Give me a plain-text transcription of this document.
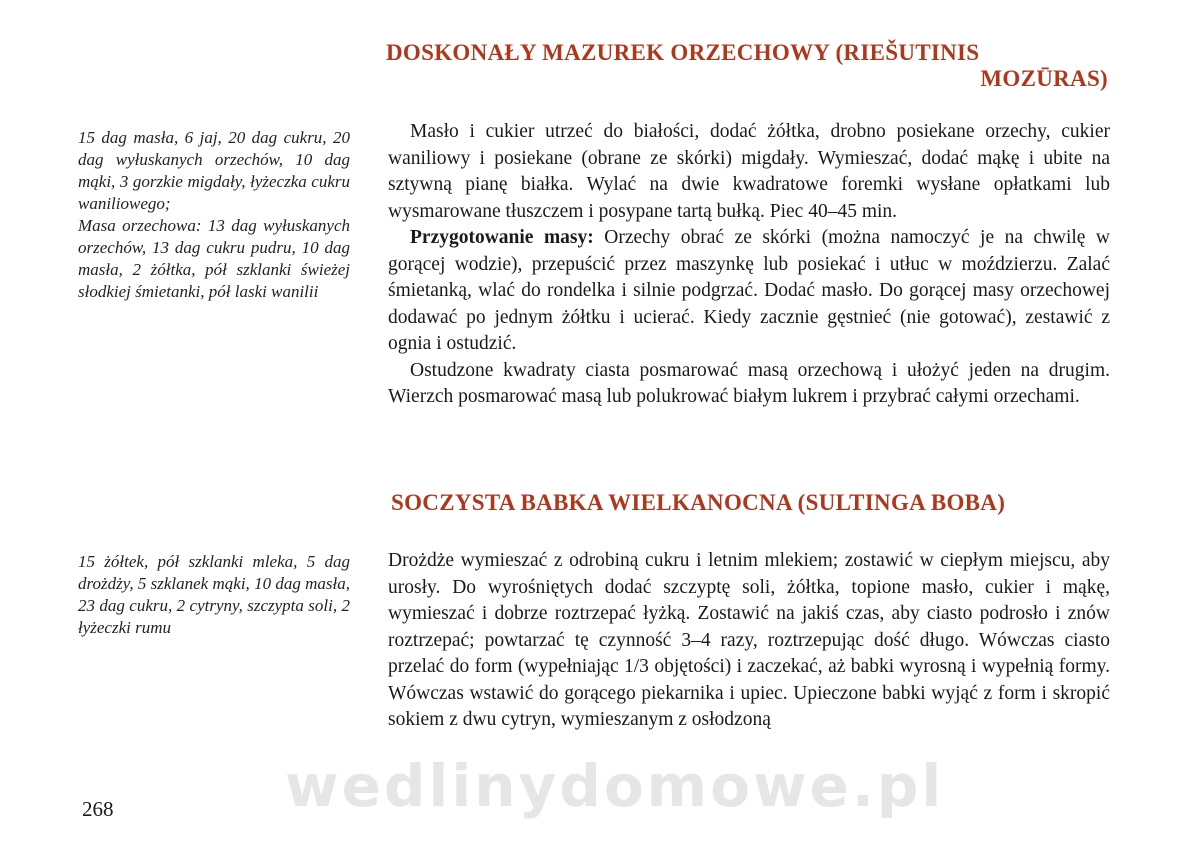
DOSKONAŁY MAZUREK ORZECHOWY (RIEŠUTINIS
MOZŪRAS)
15 dag masła, 6 jaj, 20 dag cukru, 20 dag wyłuskanych orzechów, 10 dag mąki, 3 gorzkie migdały, łyżeczka cukru waniliowego;
Masa orzechowa: 13 dag wyłuskanych orzechów, 13 dag cukru pudru, 10 dag masła, 2 żółtka, pół szklanki świeżej słodkiej śmietanki, pół laski wanilii

Masło i cukier utrzeć do białości, dodać żółtka, drobno posiekane orzechy, cukier waniliowy i posiekane (obrane ze skórki) migdały. Wymieszać, dodać mąkę i ubite na sztywną pianę białka. Wylać na dwie kwadratowe foremki wysłane opłatkami lub wysmarowane tłuszczem i posypane tartą bułką. Piec 40–45 min.

Przygotowanie masy: Orzechy obrać ze skórki (można namoczyć je na chwilę w gorącej wodzie), przepuścić przez maszynkę lub posiekać i utłuc w moździerzu. Zalać śmietanką, wlać do rondelka i silnie podgrzać. Dodać masło. Do gorącej masy orzechowej dodawać po jednym żółtku i ucierać. Kiedy zacznie gęstnieć (nie gotować), zestawić z ognia i ostudzić.

Ostudzone kwadraty ciasta posmarować masą orzechową i ułożyć jeden na drugim. Wierzch posmarować masą lub polukrować białym lukrem i przybrać całymi orzechami.

SOCZYSTA BABKA WIELKANOCNA (SULTINGA BOBA)
15 żółtek, pół szklanki mleka, 5 dag drożdży, 5 szklanek mąki, 10 dag masła, 23 dag cukru, 2 cytryny, szczypta soli, 2 łyżeczki rumu

Drożdże wymieszać z odrobiną cukru i letnim mlekiem; zostawić w ciepłym miejscu, aby urosły. Do wyrośniętych dodać szczyptę soli, żółtka, topione masło, cukier i mąkę, wymieszać i dobrze roztrzepać łyżką. Zostawić na jakiś czas, aby ciasto podrosło i znów roztrzepać; powtarzać tę czynność 3–4 razy, roztrzepując dość długo. Wówczas ciasto przelać do form (wypełniając 1/3 objętości) i zaczekać, aż babki wyrosną i wypełnią formy. Wówczas wstawić do gorącego piekarnika i upiec. Upieczone babki wyjąć z form i skropić sokiem z dwu cytryn, wymieszanym z osłodzoną

wedlinydomowe.pl
268
